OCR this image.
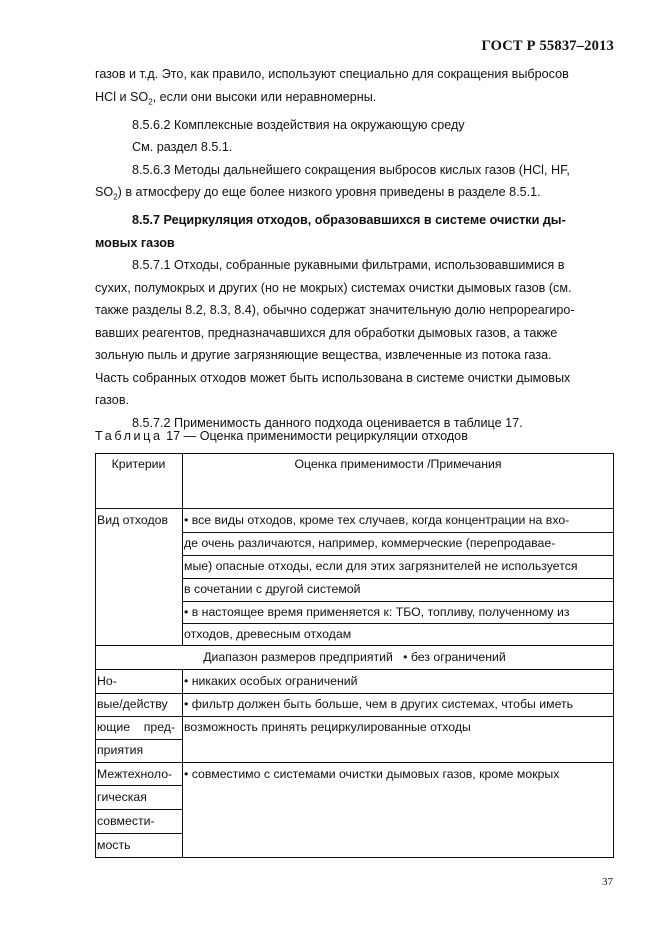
ГОСТ Р 55837–2013

газов и т.д. Это, как правило, используют специально для сокращения выбросов

HCl и $SO_2$, если они высоки или неравномерны.

8.5.6.2 Комплексные воздействия на окружающую среду

См. раздел 8.5.1.

8.5.6.3 Методы дальнейшего сокращения выбросов кислых газов (HCl, HF,

$SO_2$) в атмосферу до еще более низкого уровня приведены в разделе 8.5.1.

8.5.7 Рециркуляция отходов, образовавшихся в системе очистки ды-

мовых газов

8.5.7.1 Отходы, собранные рукавными фильтрами, использовавшимися в

сухих, полумокрых и других (но не мокрых) системах очистки дымовых газов (см.

также разделы 8.2, 8.3, 8.4), обычно содержат значительную долю непрореагиро-

вавших реагентов, предназначавшихся для обработки дымовых газов, а также

зольную пыль и другие загрязняющие вещества, извлеченные из потока газа.

Часть собранных отходов может быть использована в системе очистки дымовых

газов.

8.5.7.2 Применимость данного подхода оценивается в таблице 17.

Таблица 17 — Оценка применимости рециркуляции отходов
Критерии	Оценка применимости /Примечания
Вид отходов	• все виды отходов, кроме тех случаев, когда концентрации на вхо-
де очень различаются, например, коммерческие (перепродавае-
мые) опасные отходы, если для этих загрязнителей не используется
в сочетании с другой системой
• в настоящее время применяется к: ТБО, топливу, полученному из
отходов, древесным отходам
Диапазон размеров предприятий   • без ограничений
Но-
вые/действу
ющие    пред-
приятия
• никаких особых ограничений
• фильтр должен быть больше, чем в других системах, чтобы иметь
возможность принять рециркулированные отходы
Межтехноло-
гическая
совмести-
мость
• совместимо с системами очистки дымовых газов, кроме мокрых
37
